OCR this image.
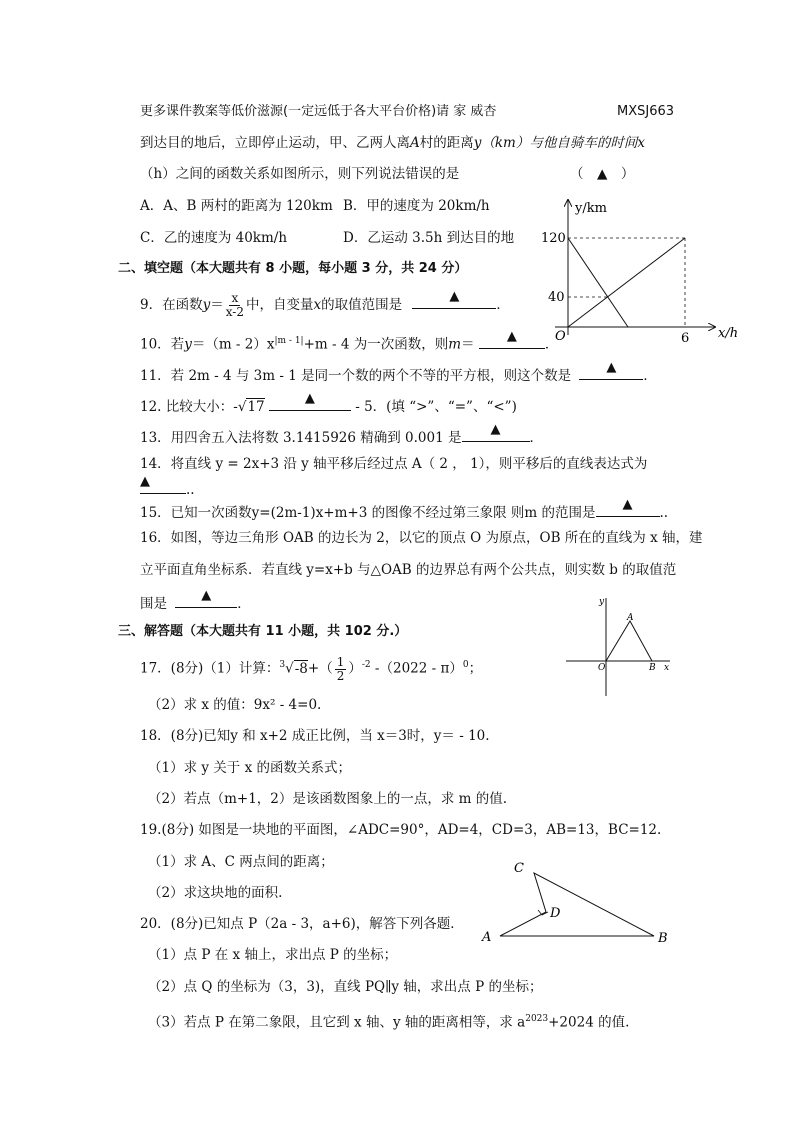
更多课件教案等低价滋源(一定远低于各大平台价格)请 家 威杏	MXSJ663
到达目的地后，立即停止运动，甲、乙两人离A村的距离y（km）与他自骑车的时间x
（h）之间的函数关系如图所示，则下列说法错误的是	（　▲　）
A．A、B 两村的距离为 120km B．甲的速度为 20km/h
C．乙的速度为 40km/h	D．乙运动 3.5h 到达目的地
y/km
x/h
120
40
O	6
二、填空题（本大题共有 8 小题，每小题 3 分，共 24 分）
9．在函数$y= \frac{x}{x-2}$ 中，自变量x的取值范围是
▲
．
10．若$y=(m - 2)x^{|m - 1|}+m - 4$ 为一次函数，则m＝
▲
．
11．若 2m - 4 与 3m - 1 是同一个数的两个不等的平方根，则这个数是
▲
．
12. 比较大小：-√17
▲
- 5．(填 “>”、“=”、“<”)
13．用四舍五入法将数 3.1415926 精确到 0.001 是
▲
．
14．将直线 y = 2x+3 沿 y 轴平移后经过点 A（ 2 ， 1），则平移后的直线表达式为
▲
..
15．已知一次函数y=(2m-1)x+m+3 的图像不经过第三象限 则m 的范围是
▲
..
16．如图，等边三角形 OAB 的边长为 2，以它的顶点 O 为原点，OB 所在的直线为 x 轴，建
立平面直角坐标系．若直线 y=x+b 与△OAB 的边界总有两个公共点，则实数 b 的取值范
围是
▲
．
三、解答题（本大题共有 11 小题，共 102 分.）
y
x
O
A
B
17．(8分)（1）计算：$^3√-8+( \frac{1}{2} )^{-2}$ -（2022 - π）$^0$；
（2）求 x 的值：9x² - 4=0.
18．(8分)已知y 和 x+2 成正比例，当 x＝3时，y＝ - 10.
（1）求 y 关于 x 的函数关系式；
（2）若点（m+1，2）是该函数图象上的一点，求 m 的值.
19.(8分) 如图是一块地的平面图，∠ADC=90°，AD=4，CD=3，AB=13，BC=12.
（1）求 A、C 两点间的距离；
（2）求这块地的面积.
A	B
C
D
20．(8分)已知点 P（2a - 3，a+6)，解答下列各题．
（1）点 P 在 x 轴上，求出点 P 的坐标；
（2）点 Q 的坐标为（3，3)，直线 PQ∥y 轴，求出点 P 的坐标；
（3）若点 P 在第二象限，且它到 x 轴、y 轴的距离相等，求 $a^{2023}+2024$ 的值.
